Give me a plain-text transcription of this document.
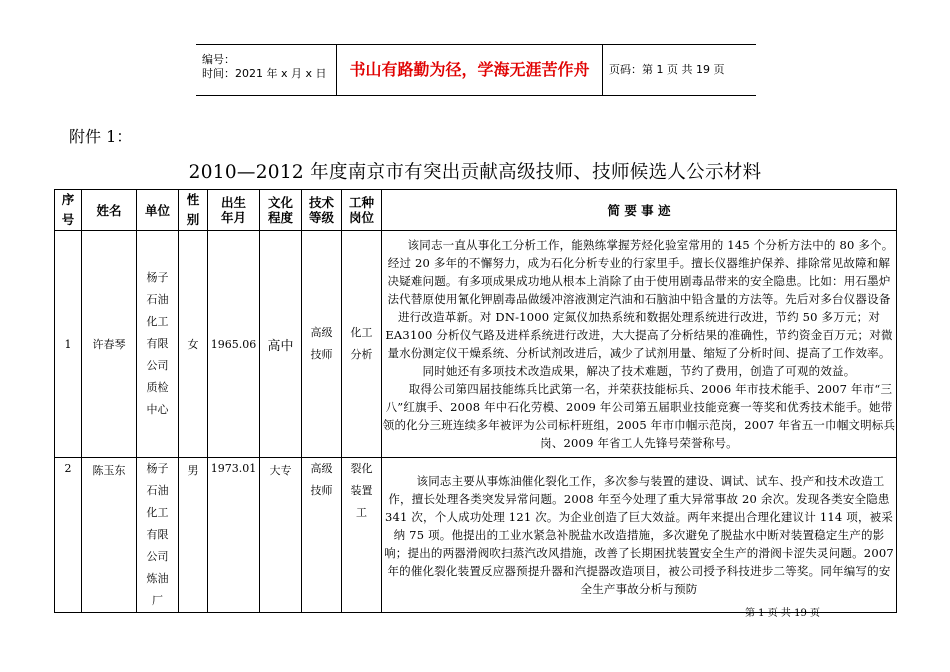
编号：
时间：2021 年 x 月 x 日	书山有路勤为径，学海无涯苦作舟	页码：第 1 页 共 19 页
附件 1：
2010—2012 年度南京市有突出贡献高级技师、技师候选人公示材料
序号	姓名	单位	性别	出生年月	文化程度	技术等级	工种岗位	简 要 事 迹
1	许春琴	杨子石油化工有限公司质检中心	女	1965.06	高中	高级技师	化工分析	该同志一直从事化工分析工作，能熟练掌握芳烃化验室常用的 145 个分析方法中的 80 多个。经过 20 多年的不懈努力，成为石化分析专业的行家里手。擅长仪器维护保养、排除常见故障和解决疑难问题。有多项成果成功地从根本上消除了由于使用剧毒品带来的安全隐患。比如：用石墨炉法代替原使用氰化钾剧毒品做缓冲溶液测定汽油和石脑油中铅含量的方法等。先后对多台仪器设备进行改造革新。对 DN-1000 定氮仪加热系统和数据处理系统进行改进，节约 50 多万元；对 EA3100 分析仪气路及进样系统进行改进，大大提高了分析结果的准确性，节约资金百万元；对微量水份测定仪干燥系统、分析试剂改进后，减少了试剂用量、缩短了分析时间、提高了工作效率。同时她还有多项技术改造成果，解决了技术难题，节约了费用，创造了可观的效益。

取得公司第四届技能练兵比武第一名，并荣获技能标兵、2006 年市技术能手、2007 年市“三八”红旗手、2008 年中石化劳模、2009 年公司第五届职业技能竞赛一等奖和优秀技术能手。她带领的化分三班连续多年被评为公司标杆班组，2005 年市巾帼示范岗，2007 年省五一巾帼文明标兵岗、2009 年省工人先锋号荣誉称号。

2	陈玉东	杨子石油化工有限公司炼油厂	男	1973.01	大专	高级技师	裂化装置工	该同志主要从事炼油催化裂化工作，多次参与装置的建设、调试、试车、投产和技术改造工作，擅长处理各类突发异常问题。2008 年至今处理了重大异常事故 20 余次。发现各类安全隐患 341 次，个人成功处理 121 次。为企业创造了巨大效益。两年来提出合理化建议计 114 项，被采纳 75 项。他提出的工业水紧急补脱盐水改造措施，多次避免了脱盐水中断对装置稳定生产的影响；提出的两器滑阀吹扫蒸汽改风措施，改善了长期困扰装置安全生产的滑阀卡涩失灵问题。2007 年的催化裂化装置反应器预提升器和汽提器改造项目，被公司授予科技进步二等奖。同年编写的安全生产事故分析与预防

第 1 页 共 19 页
